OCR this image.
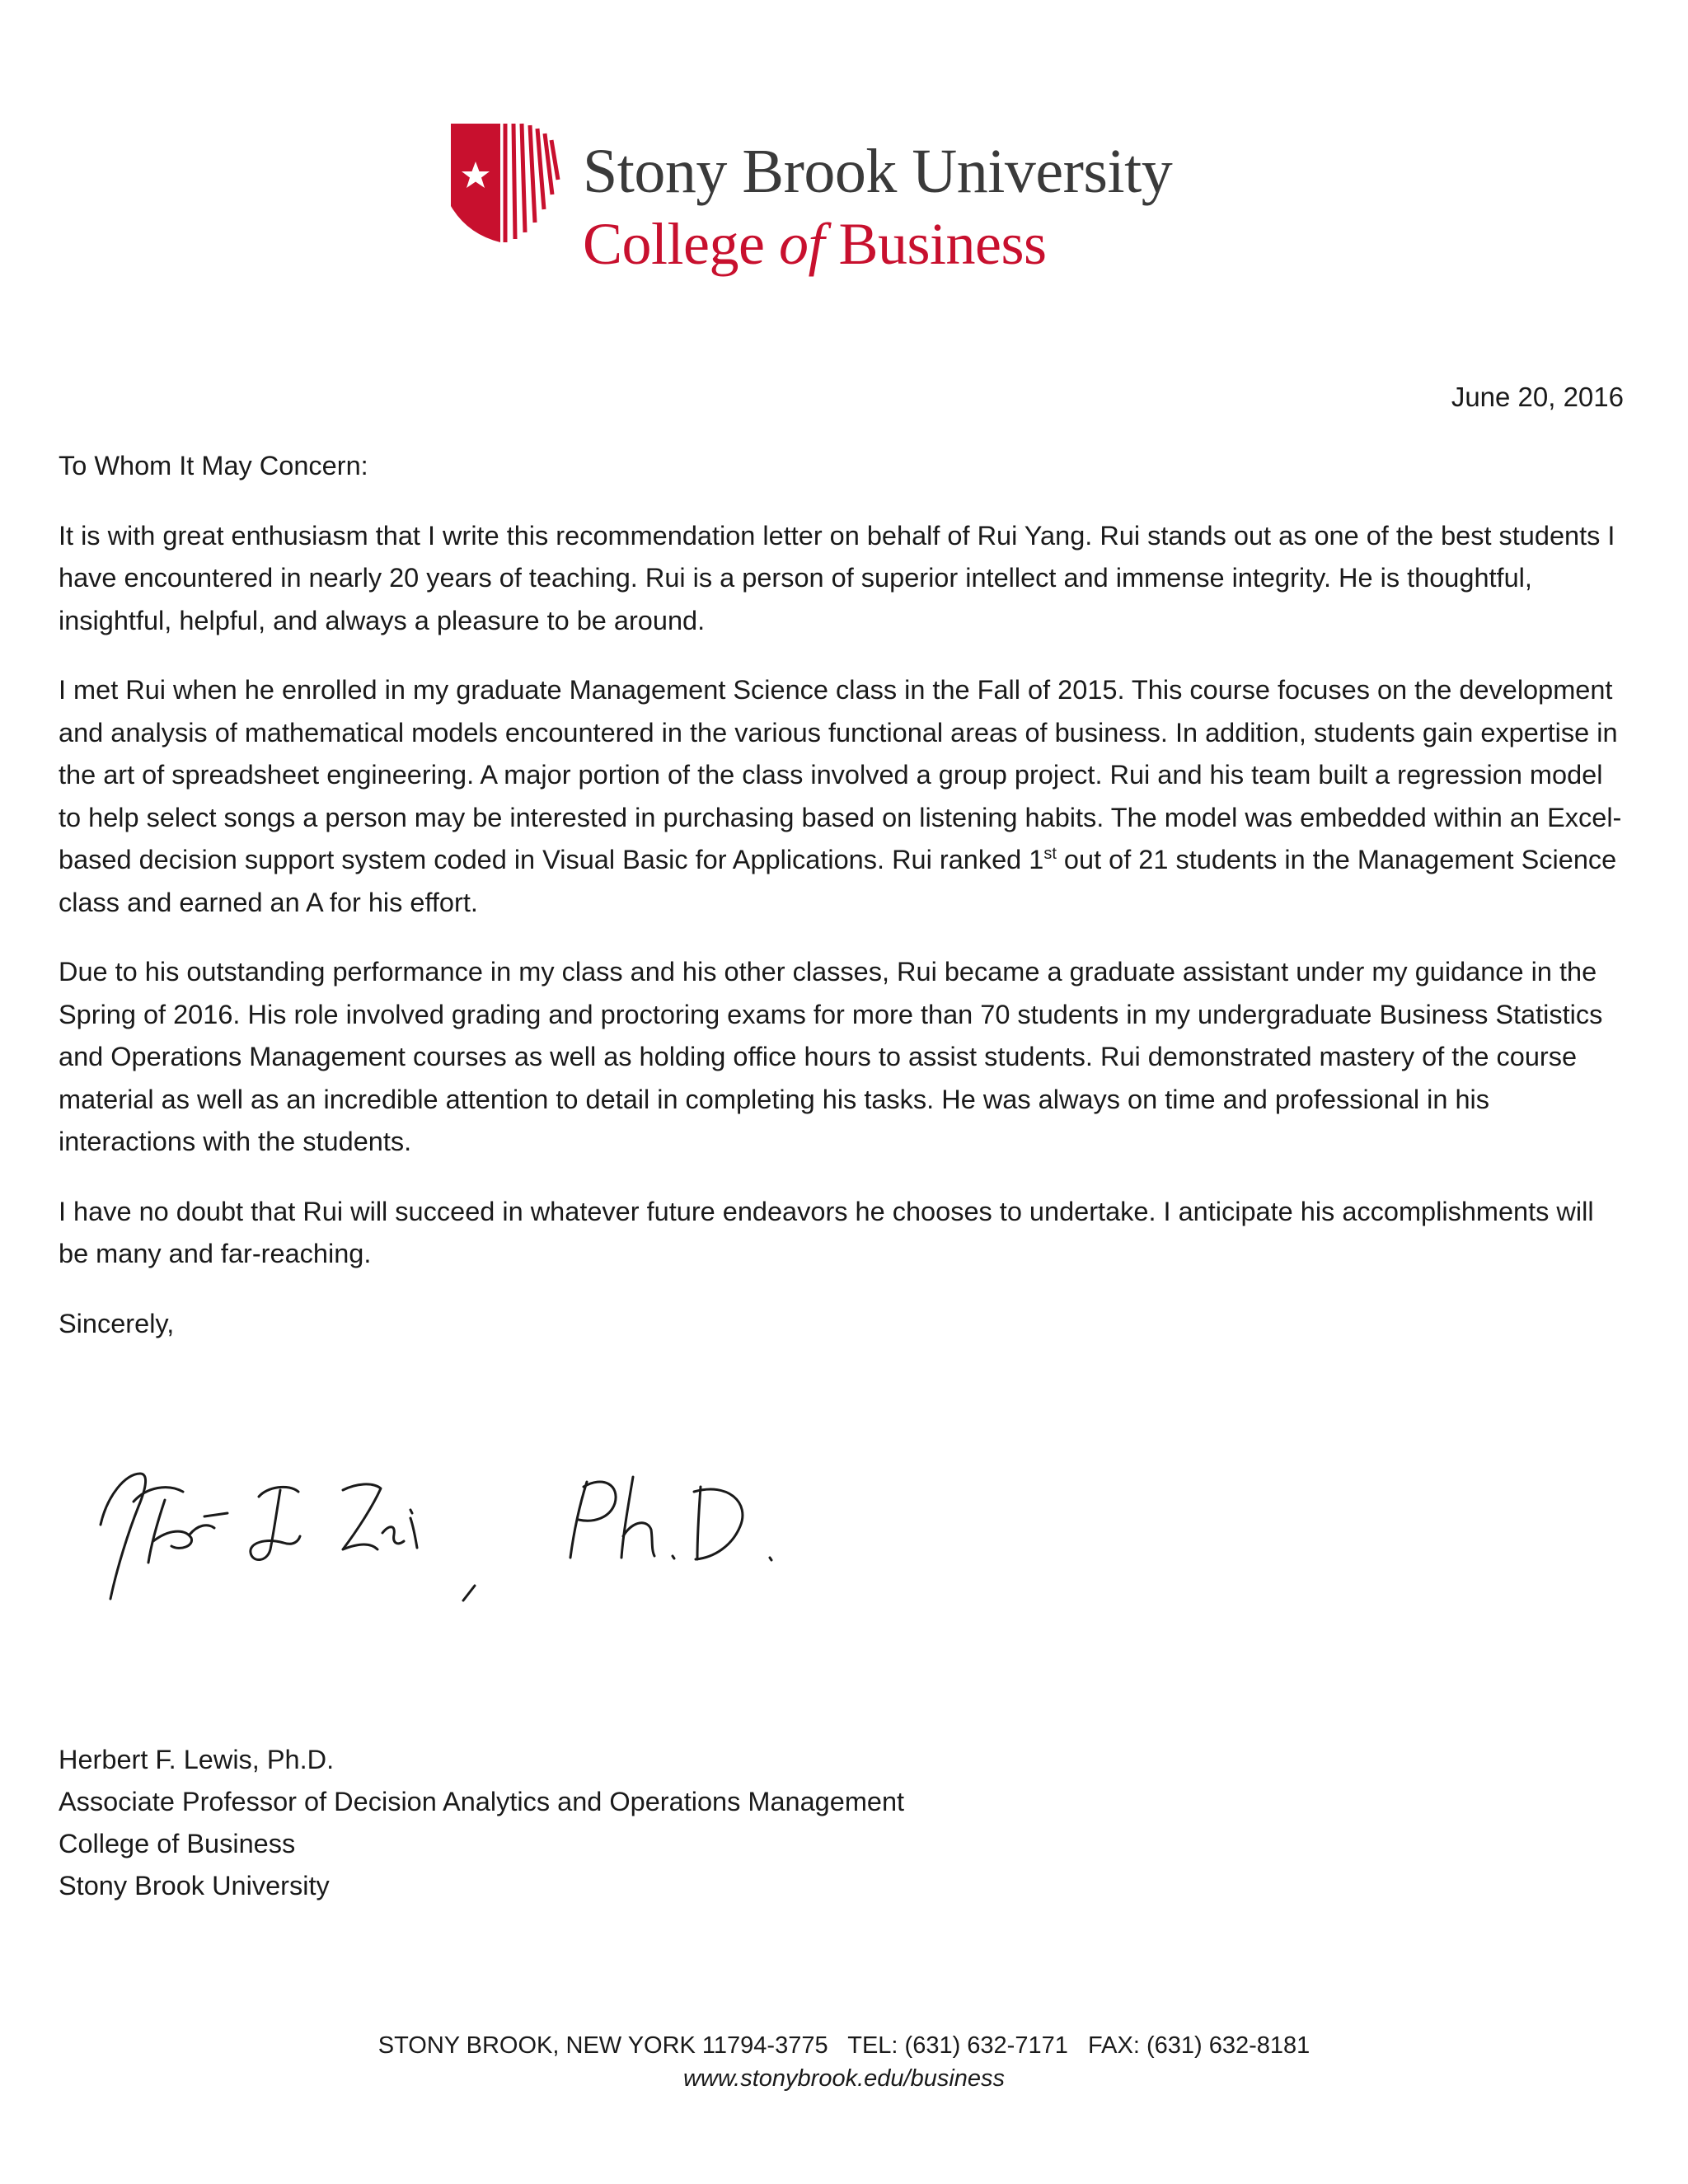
Stony Brook University
College of Business
June 20, 2016

To Whom It May Concern:

It is with great enthusiasm that I write this recommendation letter on behalf of Rui Yang. Rui stands out as one of the best students I have encountered in nearly 20 years of teaching. Rui is a person of superior intellect and immense integrity. He is thoughtful, insightful, helpful, and always a pleasure to be around.

I met Rui when he enrolled in my graduate Management Science class in the Fall of 2015. This course focuses on the development and analysis of mathematical models encountered in the various functional areas of business. In addition, students gain expertise in the art of spreadsheet engineering. A major portion of the class involved a group project. Rui and his team built a regression model to help select songs a person may be interested in purchasing based on listening habits. The model was embedded within an Excel-based decision support system coded in Visual Basic for Applications. Rui ranked 1st out of 21 students in the Management Science class and earned an A for his effort.

Due to his outstanding performance in my class and his other classes, Rui became a graduate assistant under my guidance in the Spring of 2016. His role involved grading and proctoring exams for more than 70 students in my undergraduate Business Statistics and Operations Management courses as well as holding office hours to assist students. Rui demonstrated mastery of the course material as well as an incredible attention to detail in completing his tasks. He was always on time and professional in his interactions with the students.

I have no doubt that Rui will succeed in whatever future endeavors he chooses to undertake. I anticipate his accomplishments will be many and far-reaching.

Sincerely,

Herbert F. Lewis, Ph.D.
Associate Professor of Decision Analytics and Operations Management
College of Business
Stony Brook University
STONY BROOK, NEW YORK 11794-3775   TEL: (631) 632-7171   FAX: (631) 632-8181
www.stonybrook.edu/business
